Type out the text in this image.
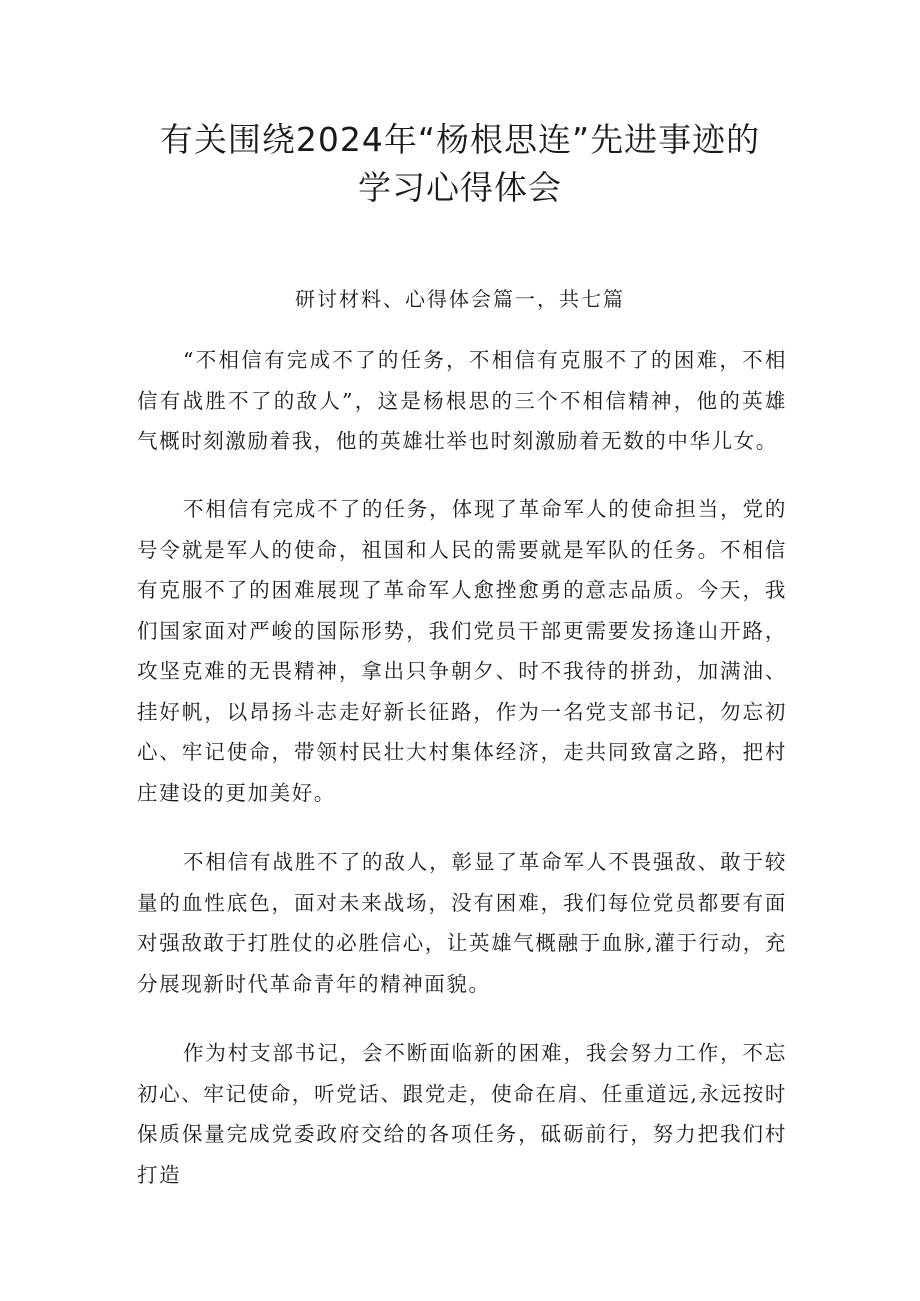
有关围绕2024年“杨根思连”先进事迹的
学习心得体会
研讨材料、心得体会篇一，共七篇

“不相信有完成不了的任务，不相信有克服不了的困难，不相信有战胜不了的敌人”，这是杨根思的三个不相信精神，他的英雄气概时刻激励着我，他的英雄壮举也时刻激励着无数的中华儿女。

不相信有完成不了的任务，体现了革命军人的使命担当，党的号令就是军人的使命，祖国和人民的需要就是军队的任务。不相信有克服不了的困难展现了革命军人愈挫愈勇的意志品质。今天，我们国家面对严峻的国际形势，我们党员干部更需要发扬逢山开路，攻坚克难的无畏精神，拿出只争朝夕、时不我待的拼劲，加满油、挂好帆，以昂扬斗志走好新长征路，作为一名党支部书记，勿忘初心、牢记使命，带领村民壮大村集体经济，走共同致富之路，把村庄建设的更加美好。

不相信有战胜不了的敌人，彰显了革命军人不畏强敌、敢于较量的血性底色，面对未来战场，没有困难，我们每位党员都要有面对强敌敢于打胜仗的必胜信心，让英雄气概融于血脉,灌于行动，充分展现新时代革命青年的精神面貌。

作为村支部书记，会不断面临新的困难，我会努力工作，不忘初心、牢记使命，听党话、跟党走，使命在肩、任重道远,永远按时保质保量完成党委政府交给的各项任务，砥砺前行，努力把我们村打造
